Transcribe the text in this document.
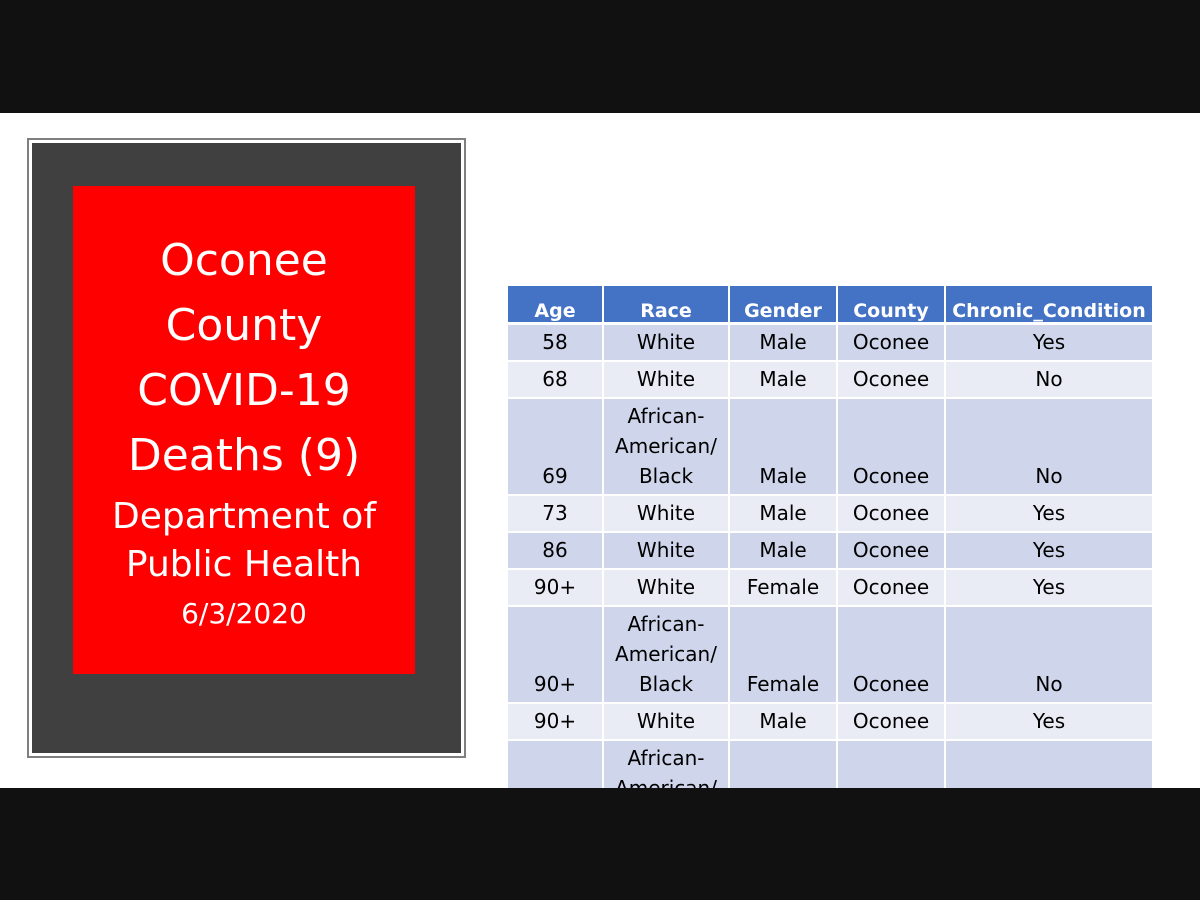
Age	Race	Gender	County	Chronic_Condition
58	White	Male	Oconee	Yes
68	White	Male	Oconee	No
69	African-
American/
Black	Male	Oconee	No
73	White	Male	Oconee	Yes
86	White	Male	Oconee	Yes
90+	White	Female	Oconee	Yes
90+	African-
American/
Black	Female	Oconee	No
90+	White	Male	Oconee	Yes
	African-

Oconee
County
COVID-19
Deaths (9)
Department of
Public Health
6/3/2020
